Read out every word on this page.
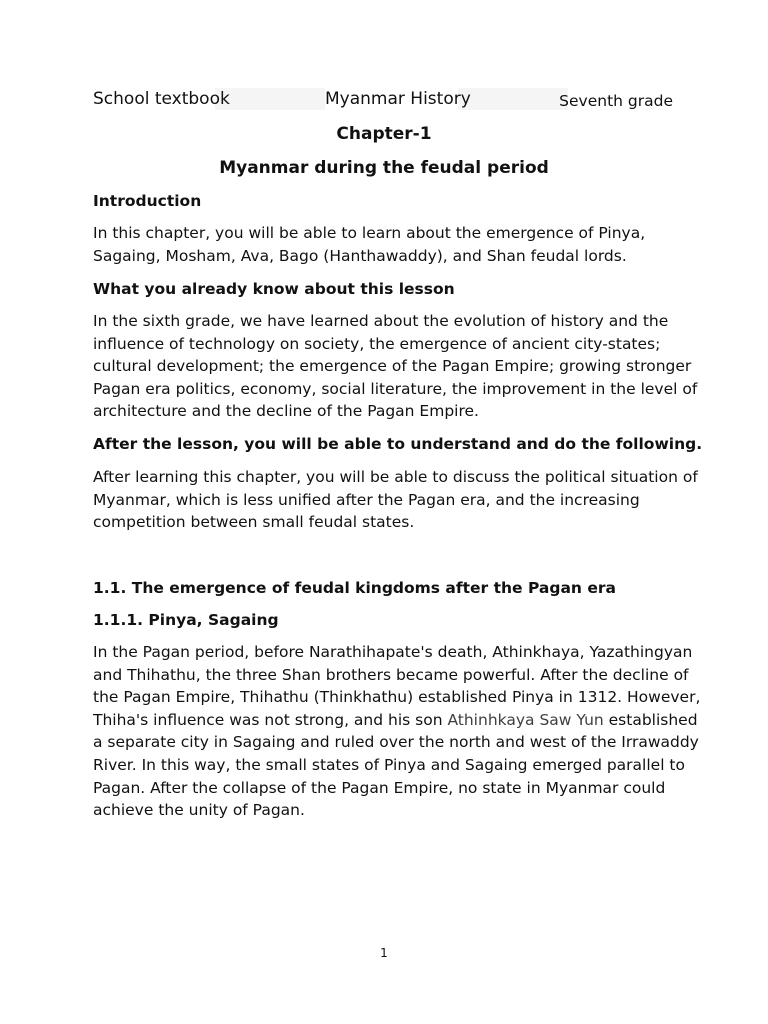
School textbook	Myanmar History	Seventh grade
Chapter-1
Myanmar during the feudal period
Introduction
In this chapter, you will be able to learn about the emergence of Pinya,
Sagaing, Mosham, Ava, Bago (Hanthawaddy), and Shan feudal lords.
What you already know about this lesson
In the sixth grade, we have learned about the evolution of history and the
influence of technology on society, the emergence of ancient city-states;
cultural development; the emergence of the Pagan Empire; growing stronger
Pagan era politics, economy, social literature, the improvement in the level of
architecture and the decline of the Pagan Empire.
After the lesson, you will be able to understand and do the following.
After learning this chapter, you will be able to discuss the political situation of
Myanmar, which is less unified after the Pagan era, and the increasing
competition between small feudal states.
1.1. The emergence of feudal kingdoms after the Pagan era
1.1.1. Pinya, Sagaing
In the Pagan period, before Narathihapate's death, Athinkhaya, Yazathingyan
and Thihathu, the three Shan brothers became powerful. After the decline of
the Pagan Empire, Thihathu (Thinkhathu) established Pinya in 1312. However,
Thiha's influence was not strong, and his son Athinhkaya Saw Yun established
a separate city in Sagaing and ruled over the north and west of the Irrawaddy
River. In this way, the small states of Pinya and Sagaing emerged parallel to
Pagan. After the collapse of the Pagan Empire, no state in Myanmar could
achieve the unity of Pagan.
1
